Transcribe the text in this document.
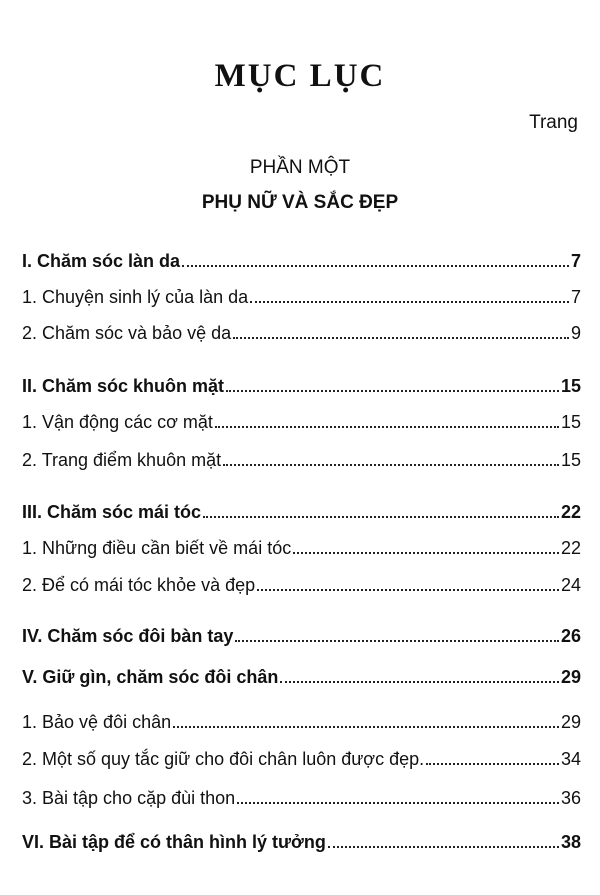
MỤC LỤC
Trang
PHẦN MỘT
PHỤ NỮ VÀ SẮC ĐẸP
I. Chăm sóc làn da	7
1. Chuyện sinh lý của làn da	7
2. Chăm sóc và bảo vệ da	9
II. Chăm sóc khuôn mặt	15
1. Vận động các cơ mặt	15
2. Trang điểm khuôn mặt	15
III. Chăm sóc mái tóc	22
1. Những điều cần biết về mái tóc	22
2. Để có mái tóc khỏe và đẹp	24
IV. Chăm sóc đôi bàn tay	26
V. Giữ gìn, chăm sóc đôi chân	29
1. Bảo vệ đôi chân	29
2. Một số quy tắc giữ cho đôi chân luôn được đẹp.	34
3. Bài tập cho cặp đùi thon	36
VI. Bài tập để có thân hình lý tưởng	38
